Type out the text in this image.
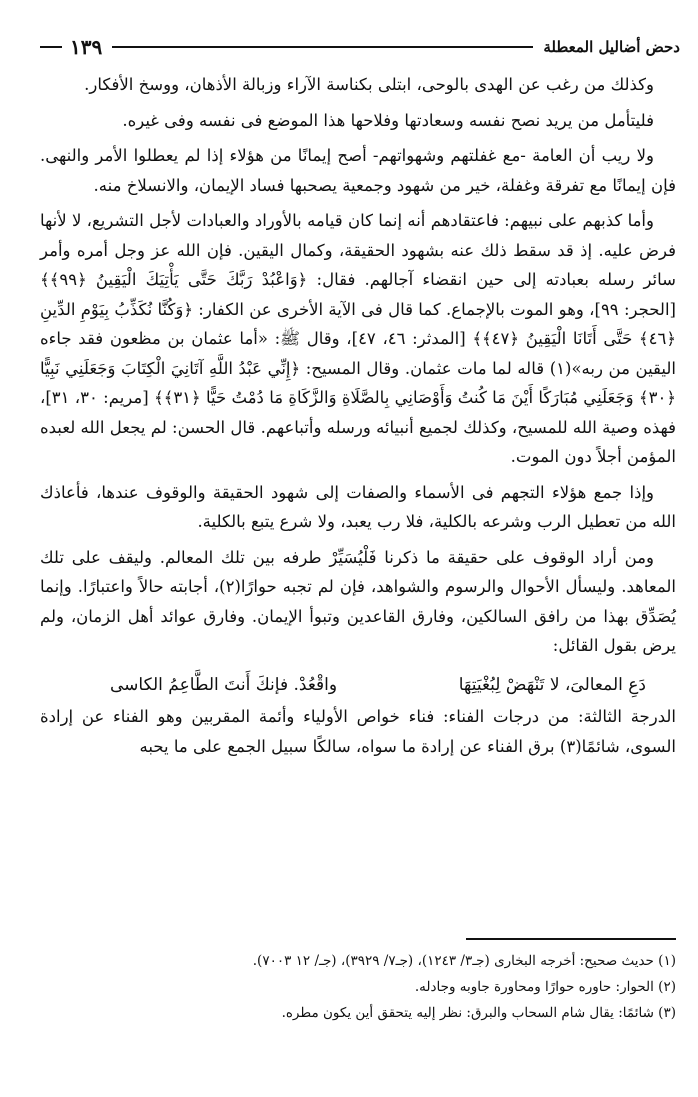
دحض أضاليل المعطلة
١٣٩

وكذلك من رغب عن الهدى بالوحى، ابتلى بكناسة الآراء وزبالة الأذهان، ووسخ الأفكار.

فليتأمل من يريد نصح نفسه وسعادتها وفلاحها هذا الموضع فى نفسه وفى غيره.

ولا ريب أن العامة -مع غفلتهم وشهواتهم- أصح إيمانًا من هؤلاء إذا لم يعطلوا الأمر والنهى. فإن إيمانًا مع تفرقة وغفلة، خير من شهود وجمعية يصحبها فساد الإيمان، والانسلاخ منه.

وأما كذبهم على نبيهم: فاعتقادهم أنه إنما كان قيامه بالأوراد والعبادات لأجل التشريع، لا لأنها فرض عليه. إذ قد سقط ذلك عنه بشهود الحقيقة، وكمال اليقين. فإن الله عز وجل أمره وأمر سائر رسله بعبادته إلى حين انقضاء آجالهم. فقال: ﴿وَاعْبُدْ رَبَّكَ حَتَّى يَأْتِيَكَ الْيَقِينُ ﴿٩٩﴾﴾ [الحجر: ٩٩]، وهو الموت بالإجماع. كما قال فى الآية الأخرى عن الكفار: ﴿وَكُنَّا نُكَذِّبُ بِيَوْمِ الدِّينِ ﴿٤٦﴾ حَتَّى أَتَانَا الْيَقِينُ ﴿٤٧﴾﴾ [المدثر: ٤٦، ٤٧]، وقال ﷺ: «أما عثمان بن مظعون فقد جاءه اليقين من ربه»(١) قاله لما مات عثمان. وقال المسيح: ﴿إِنِّي عَبْدُ اللَّهِ آتَانِيَ الْكِتَابَ وَجَعَلَنِي نَبِيًّا ﴿٣٠﴾ وَجَعَلَنِي مُبَارَكًا أَيْنَ مَا كُنتُ وَأَوْصَانِي بِالصَّلَاةِ وَالزَّكَاةِ مَا دُمْتُ حَيًّا ﴿٣١﴾﴾ [مريم: ٣٠، ٣١]، فهذه وصية الله للمسيح، وكذلك لجميع أنبيائه ورسله وأتباعهم. قال الحسن: لم يجعل الله لعبده المؤمن أجلاً دون الموت.

وإذا جمع هؤلاء التجهم فى الأسماء والصفات إلى شهود الحقيقة والوقوف عندها، فأعاذك الله من تعطيل الرب وشرعه بالكلية، فلا رب يعبد، ولا شرع يتبع بالكلية.

ومن أراد الوقوف على حقيقة ما ذكرنا فَلْيُسَيِّرْ طرفه بين تلك المعالم. وليقف على تلك المعاهد. وليسأل الأحوال والرسوم والشواهد، فإن لم تجبه حوارًا(٢)، أجابته حالاً واعتبارًا. وإنما يُصَدِّق بهذا من رافق السالكين، وفارق القاعدين وتبوأ الإيمان. وفارق عوائد أهل الزمان، ولم يرض بقول القائل:

دَعِ المعالىَ، لا تَنْهَضْ لِبُغْيَتِهَا
واقْعُدْ. فإنكَ أَنتَ الطَّاعِمُ الكاسى

الدرجة الثالثة: من درجات الفناء: فناء خواص الأولياء وأئمة المقربين وهو الفناء عن إرادة السوى، شائمًا(٣) برق الفناء عن إرادة ما سواه، سالكًا سبيل الجمع على ما يحبه

(١) حديث صحيح: أخرجه البخارى (جـ٣/ ١٢٤٣)، (جـ٧/ ٣٩٢٩)، (جـ/ ١٢ ٧٠٠٣).
(٢) الحوار: حاوره حوارًا ومحاورة جاوبه وجادله.
(٣) شائمًا: يقال شام السحاب والبرق: نظر إليه يتحقق أين يكون مطره.
